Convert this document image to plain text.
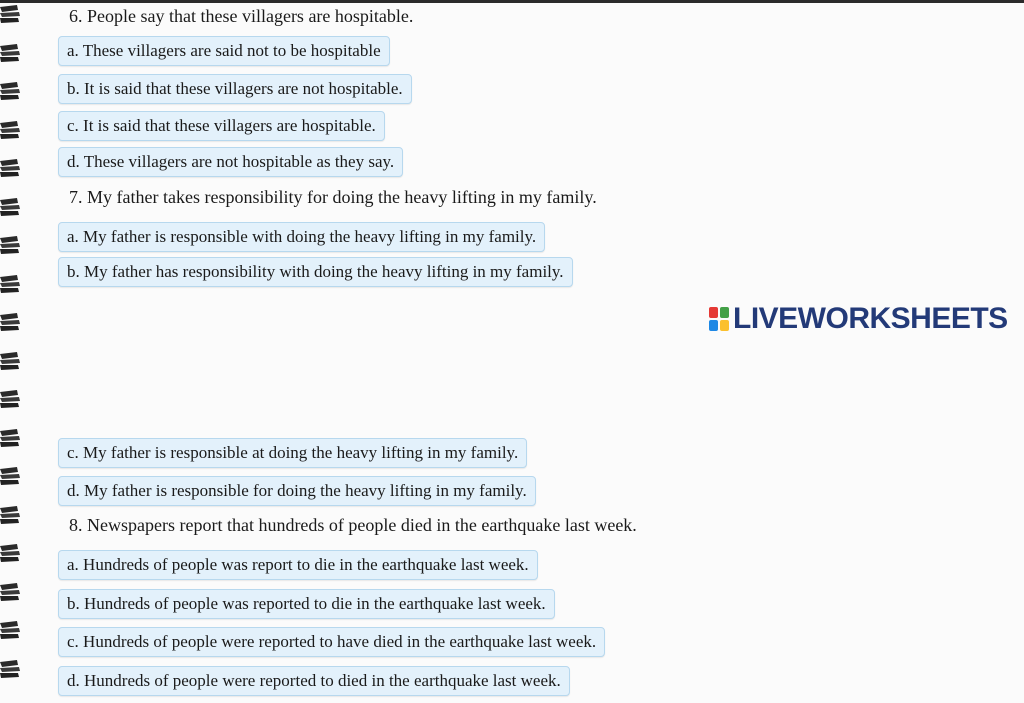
6. People say that these villagers are hospitable.
a. These villagers are said not to be hospitable
b. It is said that these villagers are not hospitable.
c. It is said that these villagers are hospitable.
d. These villagers are not hospitable as they say.
7. My father takes responsibility for doing the heavy lifting in my family.
a. My father is responsible with doing the heavy lifting in my family.
b. My father has responsibility with doing the heavy lifting in my family.
LIVEWORKSHEETS
c. My father is responsible at doing the heavy lifting in my family.
d. My father is responsible for doing the heavy lifting in my family.
8. Newspapers report that hundreds of people died in the earthquake last week.
a. Hundreds of people was report to die in the earthquake last week.
b. Hundreds of people was reported to die in the earthquake last week.
c. Hundreds of people were reported to have died in the earthquake last week.
d. Hundreds of people were reported to died in the earthquake last week.
